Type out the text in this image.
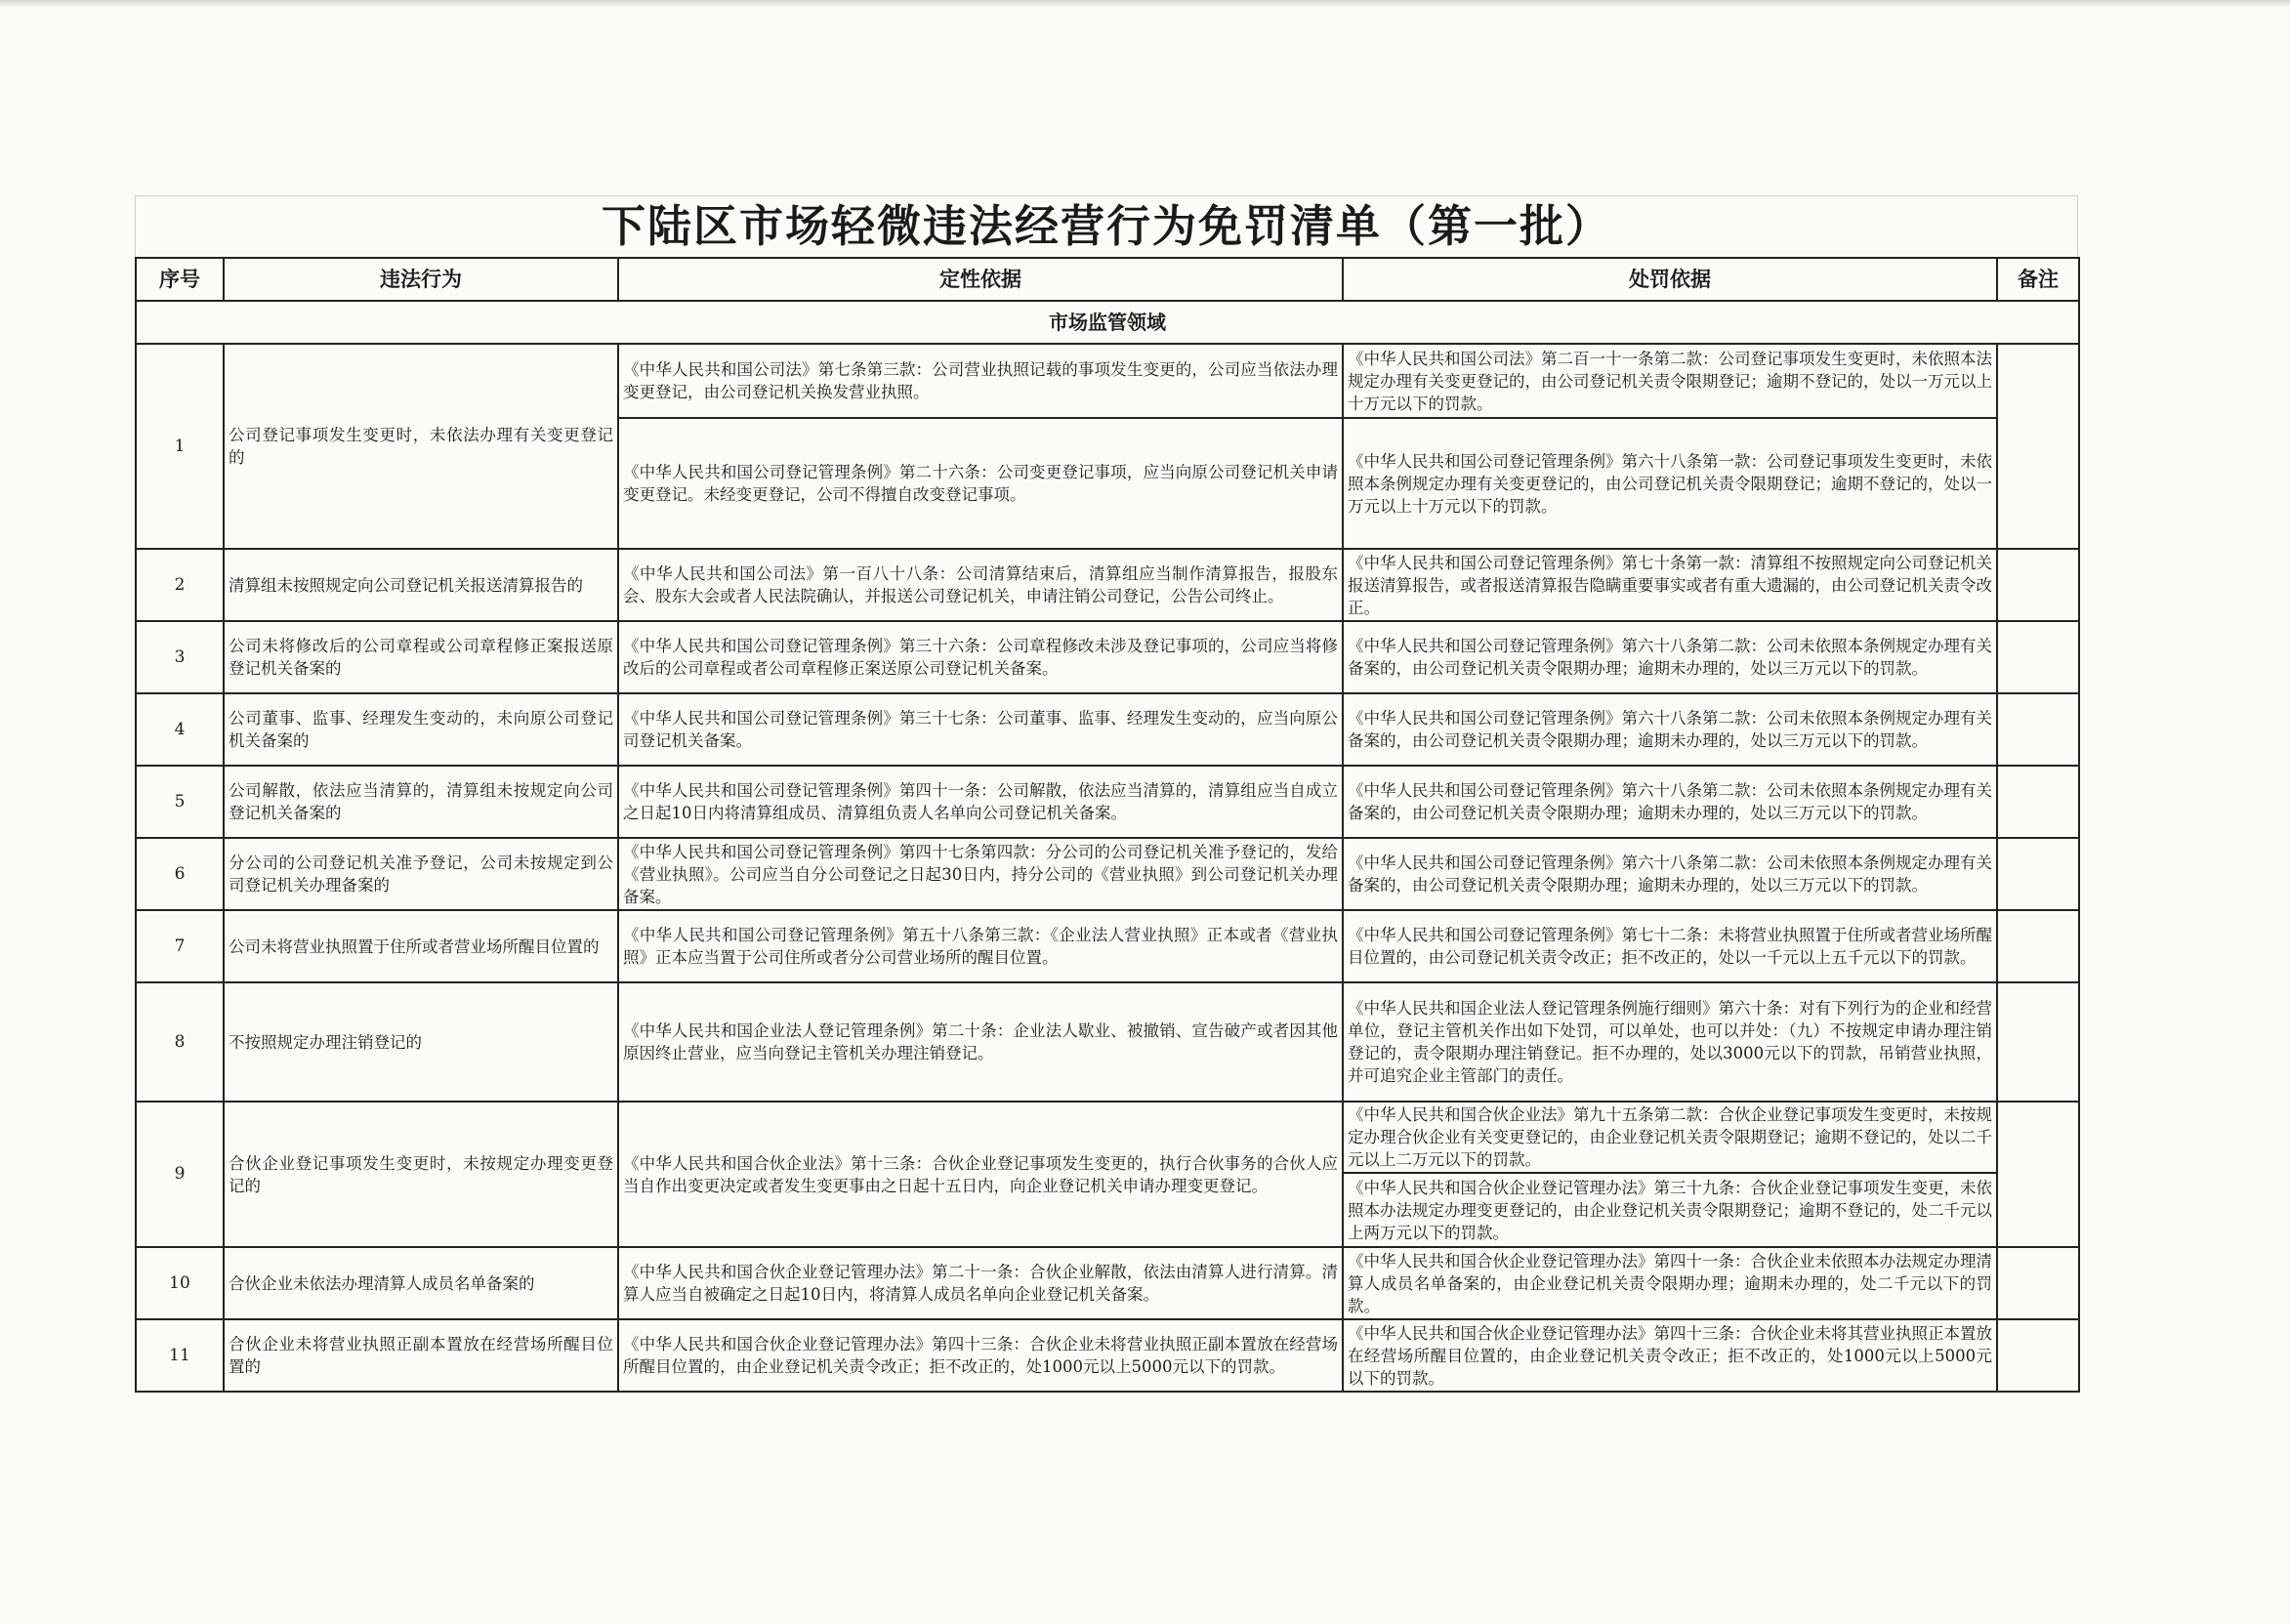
下陆区市场轻微违法经营行为免罚清单（第一批）
序号	违法行为	定性依据	处罚依据	备注
市场监管领域				
1	公司登记事项发生变更时，未依法办理有关变更登记的	《中华人民共和国公司法》第七条第三款：公司营业执照记载的事项发生变更的，公司应当依法办理变更登记，由公司登记机关换发营业执照。	《中华人民共和国公司法》第二百一十一条第二款：公司登记事项发生变更时，未依照本法规定办理有关变更登记的，由公司登记机关责令限期登记；逾期不登记的，处以一万元以上十万元以下的罚款。	
		《中华人民共和国公司登记管理条例》第二十六条：公司变更登记事项，应当向原公司登记机关申请变更登记。未经变更登记，公司不得擅自改变登记事项。	《中华人民共和国公司登记管理条例》第六十八条第一款：公司登记事项发生变更时，未依照本条例规定办理有关变更登记的，由公司登记机关责令限期登记；逾期不登记的，处以一万元以上十万元以下的罚款。	
2	清算组未按照规定向公司登记机关报送清算报告的	《中华人民共和国公司法》第一百八十八条：公司清算结束后，清算组应当制作清算报告，报股东会、股东大会或者人民法院确认，并报送公司登记机关，申请注销公司登记，公告公司终止。	《中华人民共和国公司登记管理条例》第七十条第一款：清算组不按照规定向公司登记机关报送清算报告，或者报送清算报告隐瞒重要事实或者有重大遗漏的，由公司登记机关责令改正。	
3	公司未将修改后的公司章程或公司章程修正案报送原登记机关备案的	《中华人民共和国公司登记管理条例》第三十六条：公司章程修改未涉及登记事项的，公司应当将修改后的公司章程或者公司章程修正案送原公司登记机关备案。	《中华人民共和国公司登记管理条例》第六十八条第二款：公司未依照本条例规定办理有关备案的，由公司登记机关责令限期办理；逾期未办理的，处以三万元以下的罚款。	
4	公司董事、监事、经理发生变动的，未向原公司登记机关备案的	《中华人民共和国公司登记管理条例》第三十七条：公司董事、监事、经理发生变动的，应当向原公司登记机关备案。	《中华人民共和国公司登记管理条例》第六十八条第二款：公司未依照本条例规定办理有关备案的，由公司登记机关责令限期办理；逾期未办理的，处以三万元以下的罚款。	
5	公司解散，依法应当清算的，清算组未按规定向公司登记机关备案的	《中华人民共和国公司登记管理条例》第四十一条：公司解散，依法应当清算的，清算组应当自成立之日起10日内将清算组成员、清算组负责人名单向公司登记机关备案。	《中华人民共和国公司登记管理条例》第六十八条第二款：公司未依照本条例规定办理有关备案的，由公司登记机关责令限期办理；逾期未办理的，处以三万元以下的罚款。	
6	分公司的公司登记机关准予登记，公司未按规定到公司登记机关办理备案的	《中华人民共和国公司登记管理条例》第四十七条第四款：分公司的公司登记机关准予登记的，发给《营业执照》。公司应当自分公司登记之日起30日内，持分公司的《营业执照》到公司登记机关办理备案。	《中华人民共和国公司登记管理条例》第六十八条第二款：公司未依照本条例规定办理有关备案的，由公司登记机关责令限期办理；逾期未办理的，处以三万元以下的罚款。	
7	公司未将营业执照置于住所或者营业场所醒目位置的	《中华人民共和国公司登记管理条例》第五十八条第三款：《企业法人营业执照》正本或者《营业执照》正本应当置于公司住所或者分公司营业场所的醒目位置。	《中华人民共和国公司登记管理条例》第七十二条：未将营业执照置于住所或者营业场所醒目位置的，由公司登记机关责令改正；拒不改正的，处以一千元以上五千元以下的罚款。	
8	不按照规定办理注销登记的	《中华人民共和国企业法人登记管理条例》第二十条：企业法人歇业、被撤销、宣告破产或者因其他原因终止营业，应当向登记主管机关办理注销登记。	《中华人民共和国企业法人登记管理条例施行细则》第六十条：对有下列行为的企业和经营单位，登记主管机关作出如下处罚，可以单处，也可以并处：（九）不按规定申请办理注销登记的，责令限期办理注销登记。拒不办理的，处以3000元以下的罚款，吊销营业执照，并可追究企业主管部门的责任。	
9	合伙企业登记事项发生变更时，未按规定办理变更登记的	《中华人民共和国合伙企业法》第十三条：合伙企业登记事项发生变更的，执行合伙事务的合伙人应当自作出变更决定或者发生变更事由之日起十五日内，向企业登记机关申请办理变更登记。	《中华人民共和国合伙企业法》第九十五条第二款：合伙企业登记事项发生变更时，未按规定办理合伙企业有关变更登记的，由企业登记机关责令限期登记；逾期不登记的，处以二千元以上二万元以下的罚款。	
			《中华人民共和国合伙企业登记管理办法》第三十九条：合伙企业登记事项发生变更，未依照本办法规定办理变更登记的，由企业登记机关责令限期登记；逾期不登记的，处二千元以上两万元以下的罚款。	
10	合伙企业未依法办理清算人成员名单备案的	《中华人民共和国合伙企业登记管理办法》第二十一条：合伙企业解散，依法由清算人进行清算。清算人应当自被确定之日起10日内，将清算人成员名单向企业登记机关备案。	《中华人民共和国合伙企业登记管理办法》第四十一条：合伙企业未依照本办法规定办理清算人成员名单备案的，由企业登记机关责令限期办理；逾期未办理的，处二千元以下的罚款。	
11	合伙企业未将营业执照正副本置放在经营场所醒目位置的	《中华人民共和国合伙企业登记管理办法》第四十三条：合伙企业未将营业执照正副本置放在经营场所醒目位置的，由企业登记机关责令改正；拒不改正的，处1000元以上5000元以下的罚款。	《中华人民共和国合伙企业登记管理办法》第四十三条：合伙企业未将其营业执照正本置放在经营场所醒目位置的，由企业登记机关责令改正；拒不改正的，处1000元以上5000元以下的罚款。	
